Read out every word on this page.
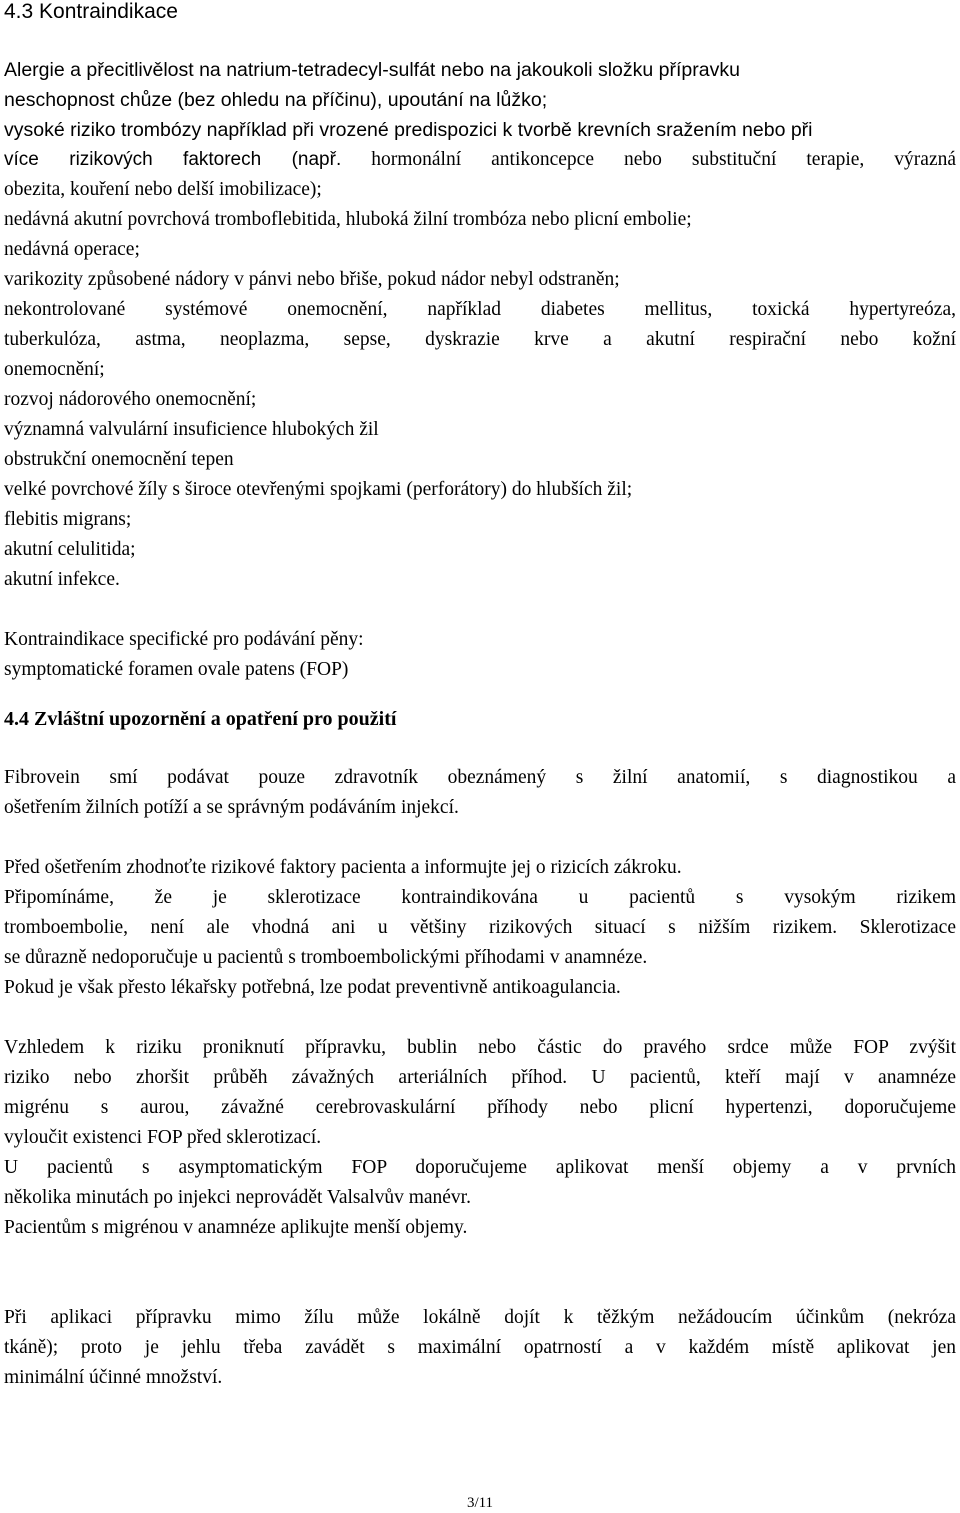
4.3 Kontraindikace
Alergie a přecitlivělost na natrium-tetradecyl-sulfát nebo na jakoukoli složku přípravku
neschopnost chůze (bez ohledu na příčinu), upoutání na lůžko;
vysoké riziko trombózy například při vrozené predispozici k tvorbě krevních sražením nebo při
více rizikových faktorech (např. hormonální antikoncepce nebo substituční terapie, výrazná
obezita, kouření nebo delší imobilizace);
nedávná akutní povrchová tromboflebitida, hluboká žilní trombóza nebo plicní embolie;
nedávná operace;
varikozity způsobené nádory v pánvi nebo břiše, pokud nádor nebyl odstraněn;
nekontrolované systémové onemocnění, například diabetes mellitus, toxická hypertyreóza,
tuberkulóza, astma, neoplazma, sepse, dyskrazie krve a akutní respirační nebo kožní
onemocnění;
rozvoj nádorového onemocnění;
významná valvulární insuficience hlubokých žil
obstrukční onemocnění tepen
velké povrchové žíly s široce otevřenými spojkami (perforátory) do hlubších žil;
flebitis migrans;
akutní celulitida;
akutní infekce.
Kontraindikace specifické pro podávání pěny:
symptomatické foramen ovale patens (FOP)
4.4 Zvláštní upozornění a opatření pro použití
Fibrovein smí podávat pouze zdravotník obeznámený s žilní anatomií, s diagnostikou a
ošetřením žilních potíží a se správným podáváním injekcí.
Před ošetřením zhodnoťte rizikové faktory pacienta a informujte jej o rizicích zákroku.
Připomínáme, že je sklerotizace kontraindikována u pacientů s vysokým rizikem
tromboembolie, není ale vhodná ani u většiny rizikových situací s nižším rizikem. Sklerotizace
se důrazně nedoporučuje u pacientů s tromboembolickými příhodami v anamnéze.
Pokud je však přesto lékařsky potřebná, lze podat preventivně antikoagulancia.
Vzhledem k riziku proniknutí přípravku, bublin nebo částic do pravého srdce může FOP zvýšit
riziko nebo zhoršit průběh závažných arteriálních příhod. U pacientů, kteří mají v anamnéze
migrénu s aurou, závažné cerebrovaskulární příhody nebo plicní hypertenzi, doporučujeme
vyloučit existenci FOP před sklerotizací.
U pacientů s asymptomatickým FOP doporučujeme aplikovat menší objemy a v prvních
několika minutách po injekci neprovádět Valsalvův manévr.
Pacientům s migrénou v anamnéze aplikujte menší objemy.
Při aplikaci přípravku mimo žílu může lokálně dojít k těžkým nežádoucím účinkům (nekróza
tkáně); proto je jehlu třeba zavádět s maximální opatrností a v každém místě aplikovat jen
minimální účinné množství.
3/11
